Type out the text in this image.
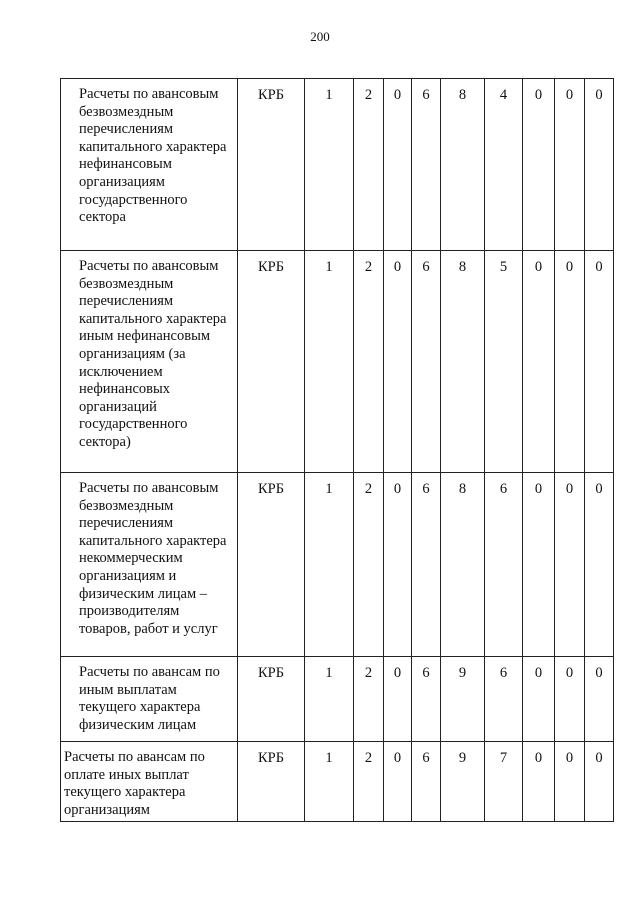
200
Расчеты по авансовым безвозмездным перечислениям капитального характера нефинансовым организациям государственного сектора	КРБ	1	2	0	6	8	4	0	0	0
Расчеты по авансовым безвозмездным перечислениям капитального характера иным нефинансовым организациям (за исключением нефинансовых организаций государственного сектора)	КРБ	1	2	0	6	8	5	0	0	0
Расчеты по авансовым безвозмездным перечислениям капитального характера некоммерческим организациям и физическим лицам – производителям товаров, работ и услуг	КРБ	1	2	0	6	8	6	0	0	0
Расчеты по авансам по иным выплатам текущего характера физическим лицам	КРБ	1	2	0	6	9	6	0	0	0
Расчеты по авансам по оплате иных выплат текущего характера организациям	КРБ	1	2	0	6	9	7	0	0	0
